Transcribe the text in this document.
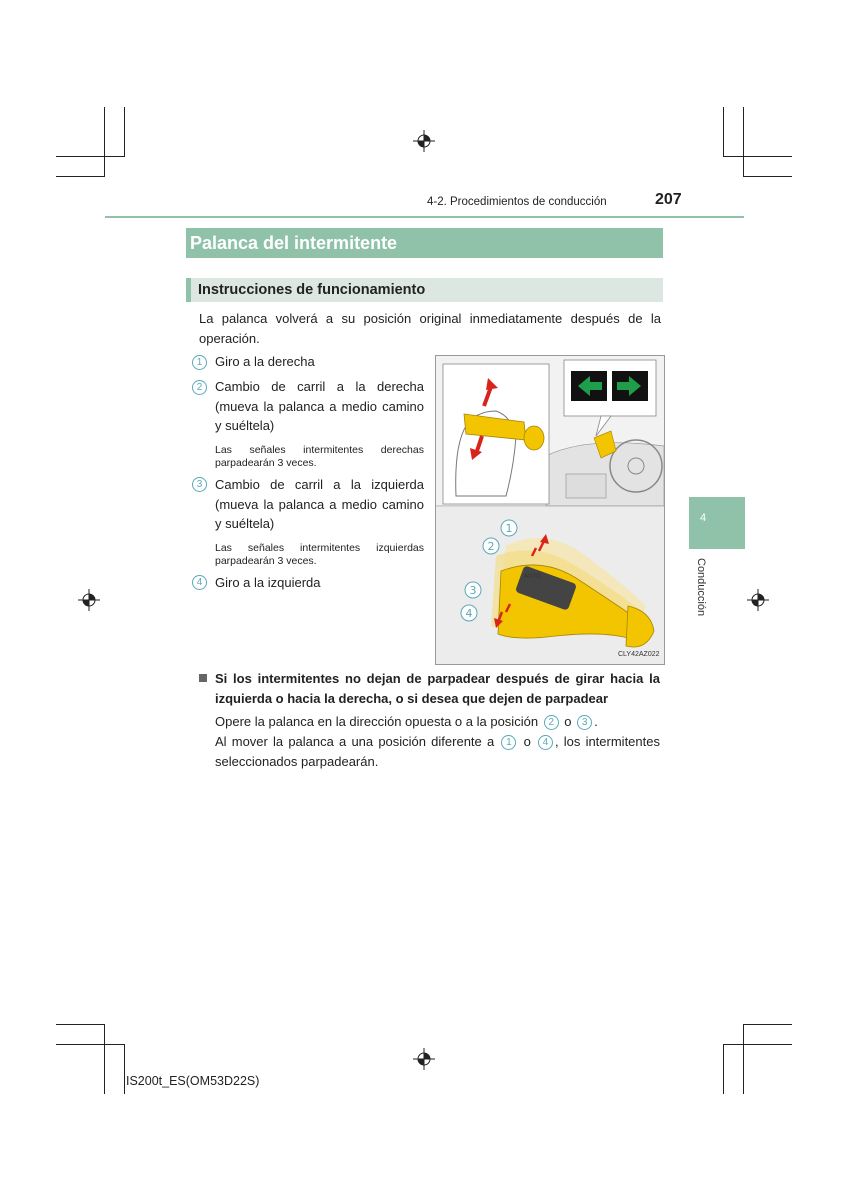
4-2. Procedimientos de conducción	207
Palanca del intermitente
Instrucciones de funcionamiento
La palanca volverá a su posición original inmediatamente después de la operación.
1 Giro a la derecha
2 Cambio de carril a la derecha (mueva la palanca a medio camino y suéltela)
Las señales intermitentes derechas parpadearán 3 veces.
3 Cambio de carril a la izquierda (mueva la palanca a medio camino y suéltela)
Las señales intermitentes izquierdas parpadearán 3 veces.
4 Giro a la izquierda	AUTO
1
2
3
4
CLY42AZ022
Si los intermitentes no dejan de parpadear después de girar hacia la izquierda o hacia la derecha, o si desea que dejen de parpadear
Opere la palanca en la dirección opuesta o a la posición 2 o 3 .
Al mover la palanca a una posición diferente a 1 o 4 , los intermitentes seleccionados parpadearán.
4
Conducción
IS200t_ES(OM53D22S)
